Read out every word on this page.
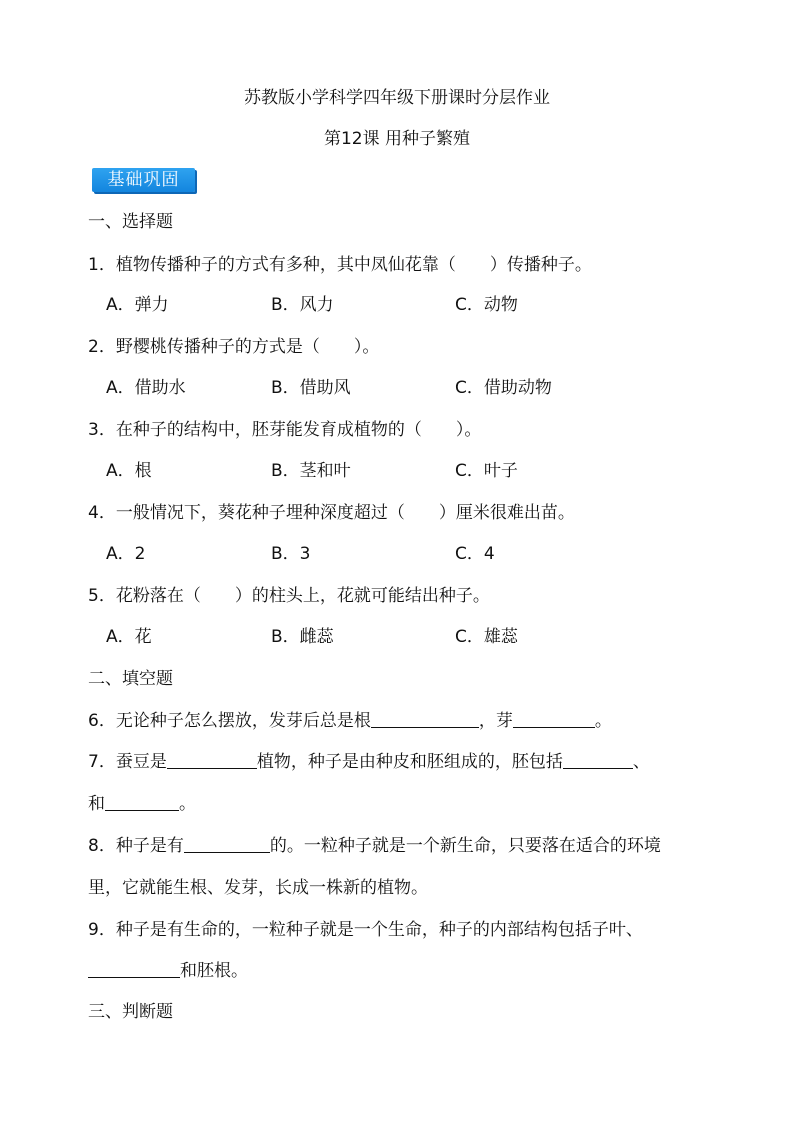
苏教版小学科学四年级下册课时分层作业
第12课 用种子繁殖
基础巩固
一、选择题
1．植物传播种子的方式有多种，其中凤仙花靠（　　）传播种子。
A．弹力	B．风力	C．动物
2．野樱桃传播种子的方式是（　　）。
A．借助水	B．借助风	C．借助动物
3．在种子的结构中，胚芽能发育成植物的（　　）。
A．根	B．茎和叶	C．叶子
4．一般情况下，葵花种子埋种深度超过（　　）厘米很难出苗。
A．2	B．3	C．4
5．花粉落在（　　）的柱头上，花就可能结出种子。
A．花	B．雌蕊	C．雄蕊
二、填空题
6．无论种子怎么摆放，发芽后总是根	，芽	。
7．蚕豆是	植物，种子是由种皮和胚组成的，胚包括	、
和	。
8．种子是有	的。一粒种子就是一个新生命，只要落在适合的环境
里，它就能生根、发芽，长成一株新的植物。
9．种子是有生命的，一粒种子就是一个生命，种子的内部结构包括子叶、
和胚根。
三、判断题
